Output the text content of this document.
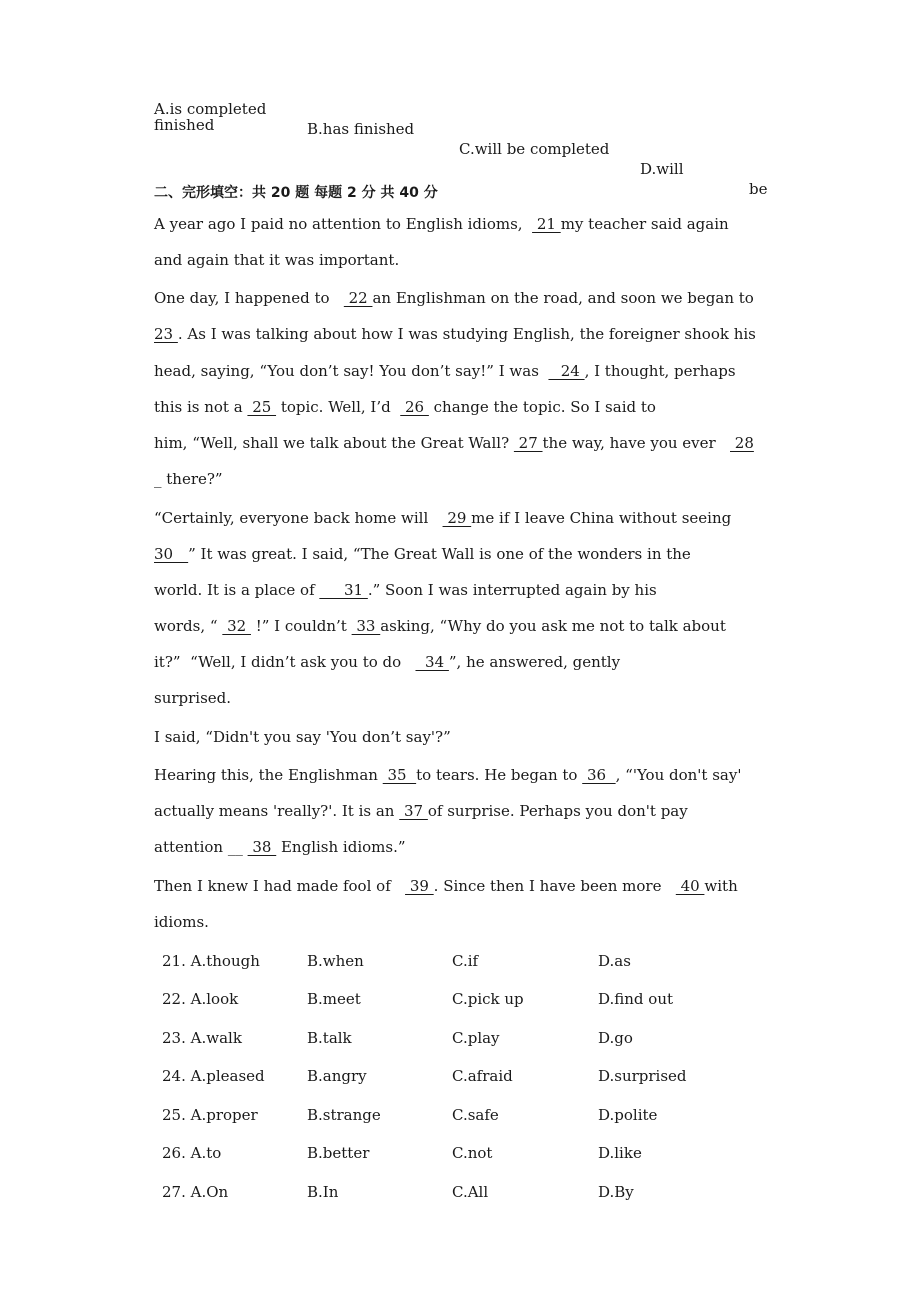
A.is completed

B.has finished

C.will be completed

D.will

be

finished
二、完形填空：共 20 题 每题 2 分 共 40 分
A year ago I paid no attention to English idioms,   21 my teacher said again
and again that it was important.
One day, I happened to    22 an Englishman on the road, and soon we began to
23 . As I was talking about how I was studying English, the foreigner shook his
head, saying, “You don’t say! You don’t say!” I was  _ 24 , I thought, perhaps
this is not a  25  topic. Well, I’d   26  change the topic. So I said to
him, “Well, shall we talk about the Great Wall?  27 the way, have you ever    28
_ there?”
“Certainly, everyone back home will    29 me if I leave China without seeing
30__” It was great. I said, “The Great Wall is one of the wonders in the
world. It is a place of __  31 .” Soon I was interrupted again by his
words, “  32  !” I couldn’t  33 asking, “Why do you ask me not to talk about
it?”  “Well, I didn’t ask you to do     34 ”, he answered, gently
surprised.
I said, “Didn't you say 'You don’t say'?”
Hearing this, the Englishman  35  to tears. He began to  36  , “'You don't say'
actually means 'really?'. It is an  37 of surprise. Perhaps you don't pay
attention __  38  English idioms.”
Then I knew I had made fool of    39 . Since then I have been more    40 with
idioms.

21. A.though

	B.when

	C.if

	D.as

22. A.look

	B.meet

	C.pick up

	D.find out

23. A.walk

	B.talk

	C.play

	D.go

24. A.pleased

	B.angry

	C.afraid

	D.surprised

25. A.proper

	B.strange

	C.safe

	D.polite

26. A.to

	B.better

	C.not

	D.like

27. A.On

	B.In

	C.All

	D.By
